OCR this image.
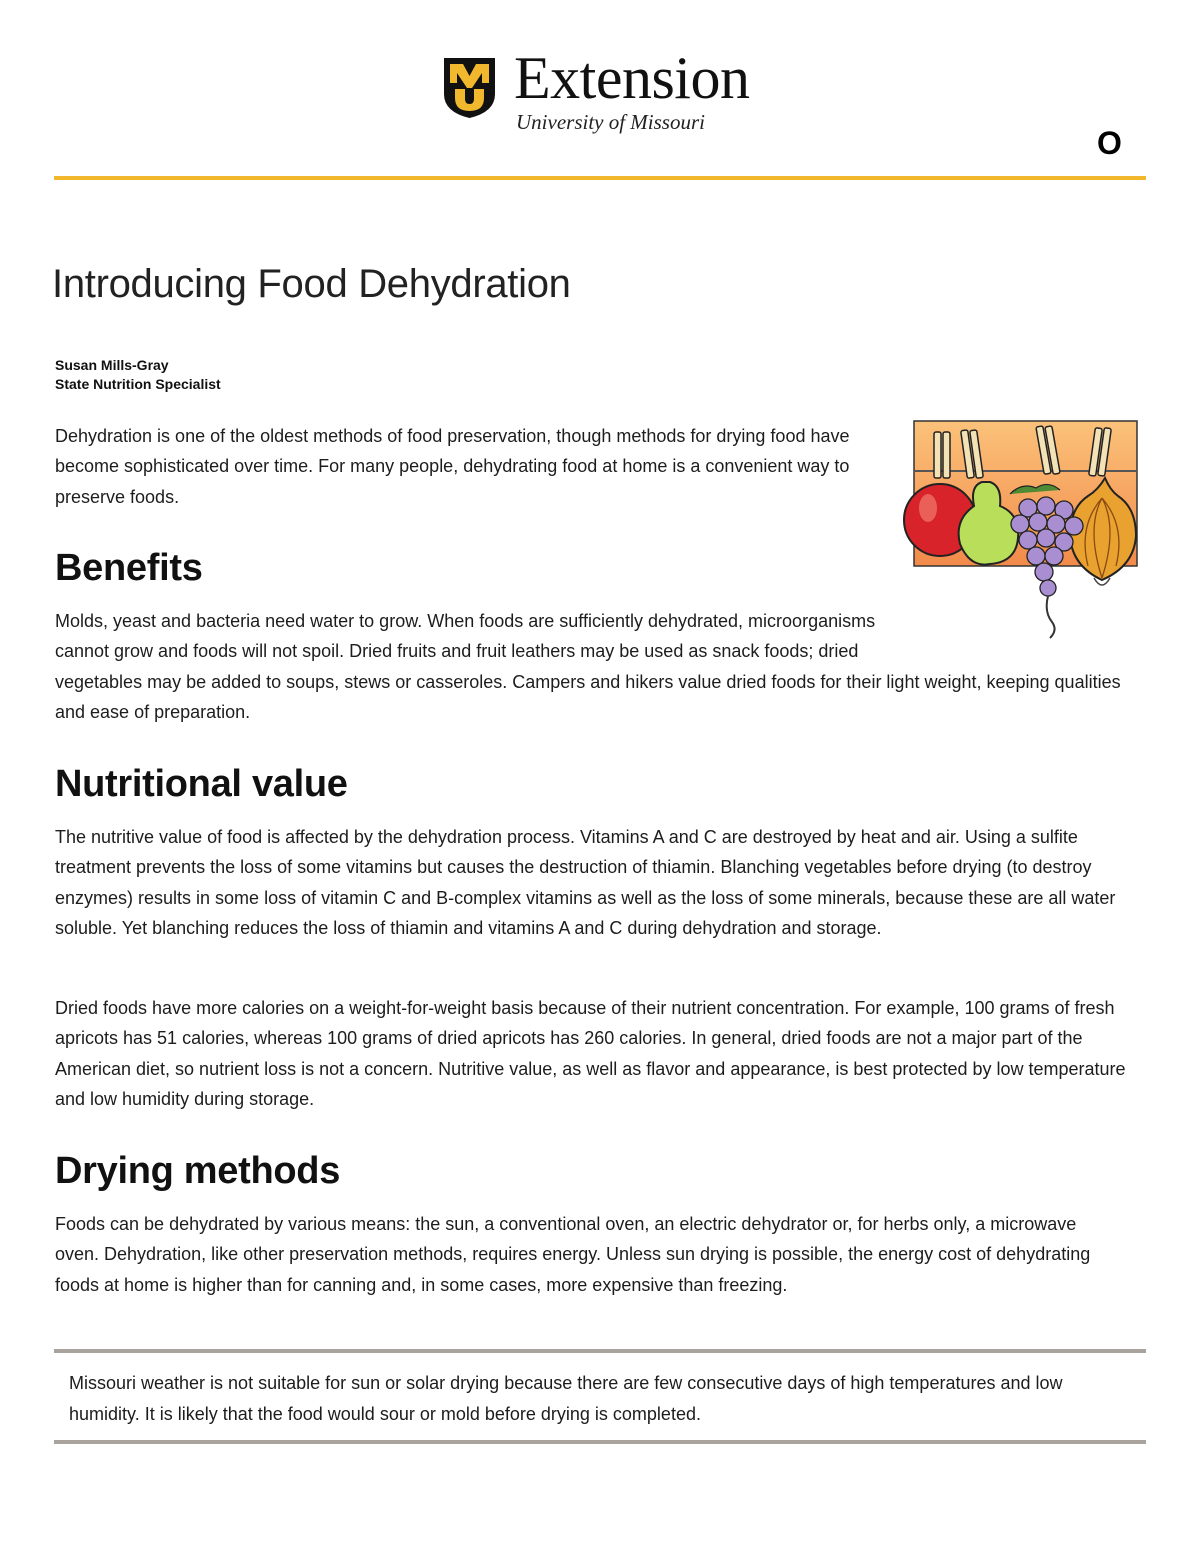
Extension
University of Missouri
O
Introducing Food Dehydration
Susan Mills-Gray
State Nutrition Specialist

Dehydration is one of the oldest methods of food preservation, though methods for drying food have become sophisticated over time. For many people, dehydrating food at home is a convenient way to preserve foods.

Benefits

Molds, yeast and bacteria need water to grow. When foods are sufficiently dehydrated, microorganisms cannot grow and foods will not spoil. Dried fruits and fruit leathers may be used as snack foods; dried vegetables may be added to soups, stews or casseroles. Campers and hikers value dried foods for their light weight, keeping qualities and ease of preparation.

Nutritional value

The nutritive value of food is affected by the dehydration process. Vitamins A and C are destroyed by heat and air. Using a sulfite treatment prevents the loss of some vitamins but causes the destruction of thiamin. Blanching vegetables before drying (to destroy enzymes) results in some loss of vitamin C and B-complex vitamins as well as the loss of some minerals, because these are all water soluble. Yet blanching reduces the loss of thiamin and vitamins A and C during dehydration and storage.

Dried foods have more calories on a weight-for-weight basis because of their nutrient concentration. For example, 100 grams of fresh apricots has 51 calories, whereas 100 grams of dried apricots has 260 calories. In general, dried foods are not a major part of the American diet, so nutrient loss is not a concern. Nutritive value, as well as flavor and appearance, is best protected by low temperature and low humidity during storage.

Drying methods

Foods can be dehydrated by various means: the sun, a conventional oven, an electric dehydrator or, for herbs only, a microwave oven. Dehydration, like other preservation methods, requires energy. Unless sun drying is possible, the energy cost of dehydrating foods at home is higher than for canning and, in some cases, more expensive than freezing.

Missouri weather is not suitable for sun or solar drying because there are few consecutive days of high temperatures and low humidity. It is likely that the food would sour or mold before drying is completed.
